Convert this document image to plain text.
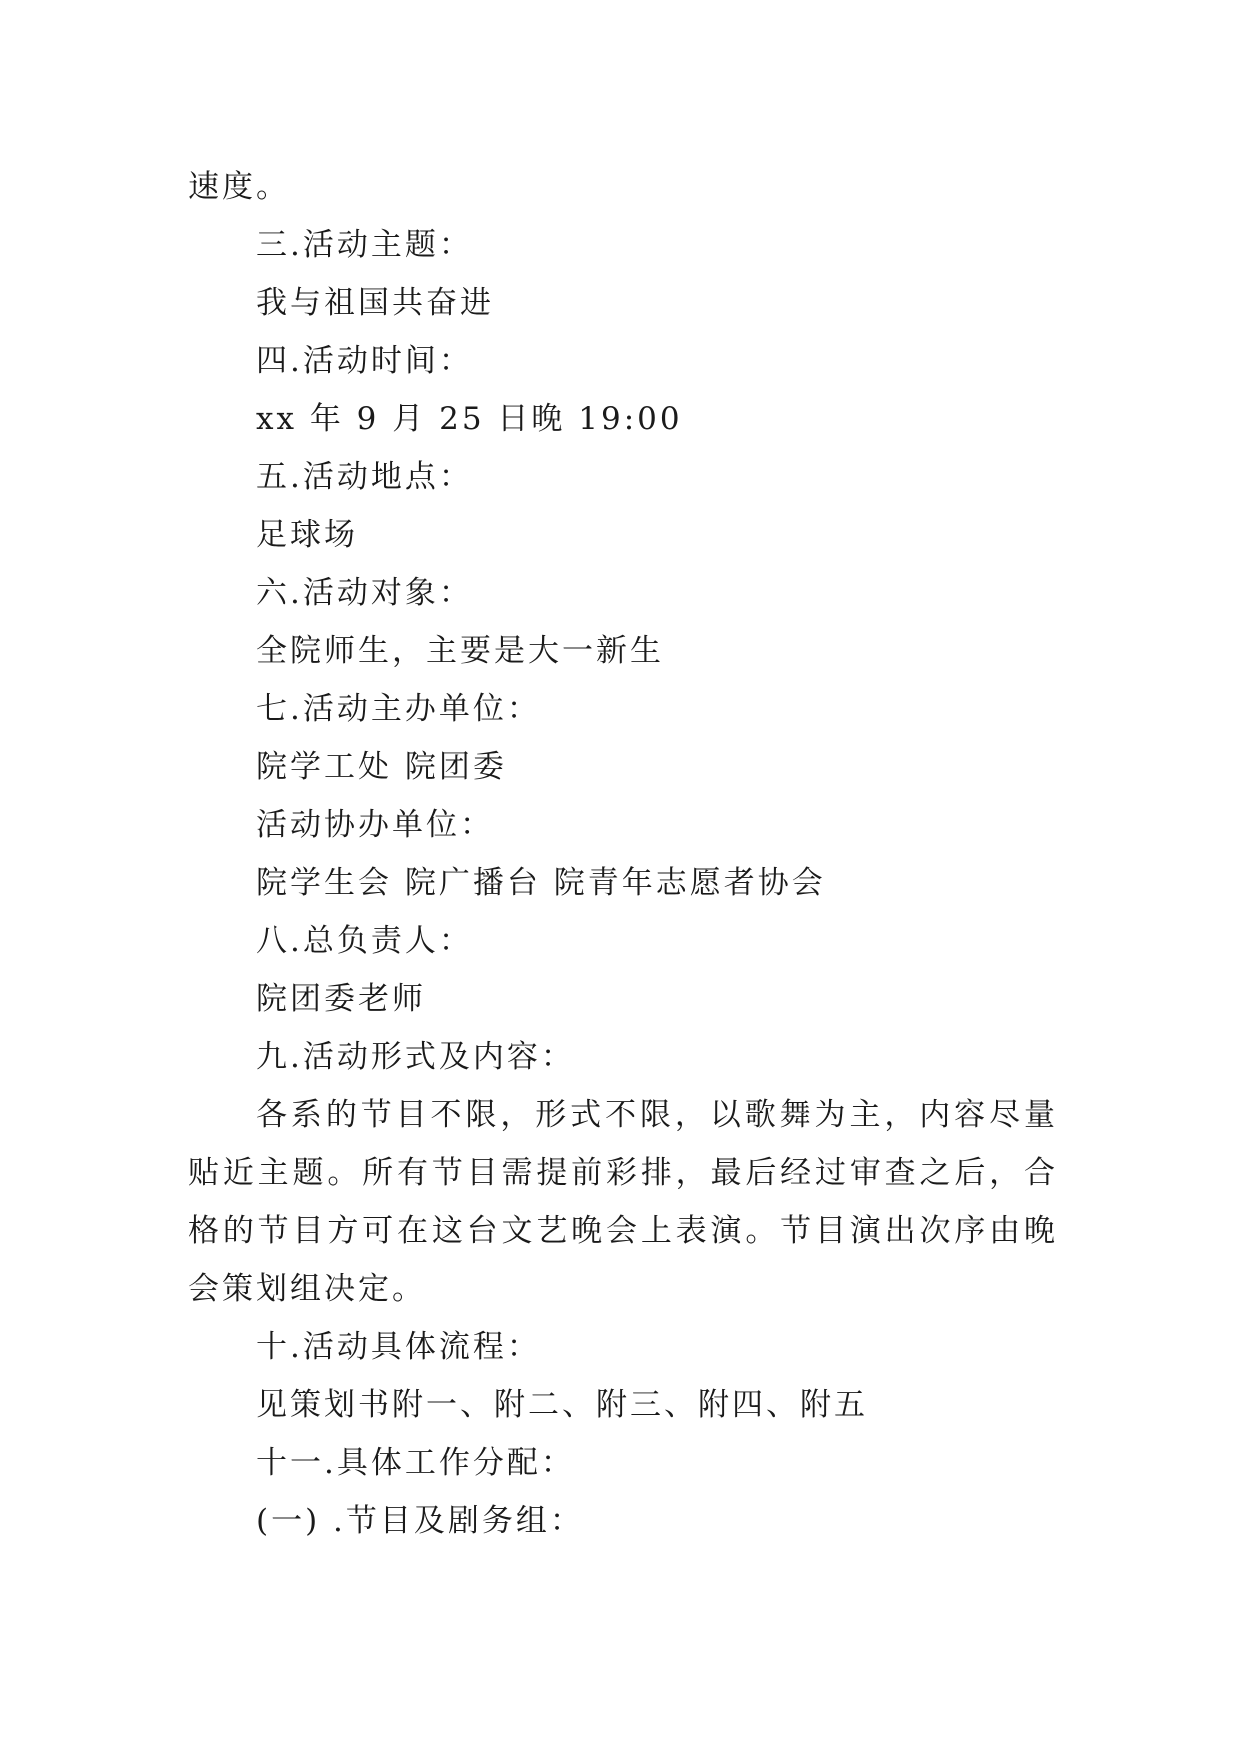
速度。
三.活动主题：
我与祖国共奋进
四.活动时间：
xx 年 9 月 25 日晚 19:00
五.活动地点：
足球场
六.活动对象：
全院师生，主要是大一新生
七.活动主办单位：
院学工处 院团委
活动协办单位：
院学生会 院广播台 院青年志愿者协会
八.总负责人：
院团委老师
九.活动形式及内容：
各系的节目不限，形式不限，以歌舞为主，内容尽量贴近主题。所有节目需提前彩排，最后经过审查之后，合格的节目方可在这台文艺晚会上表演。节目演出次序由晚会策划组决定。
十.活动具体流程：
见策划书附一、附二、附三、附四、附五
十一.具体工作分配：
(一) .节目及剧务组：
